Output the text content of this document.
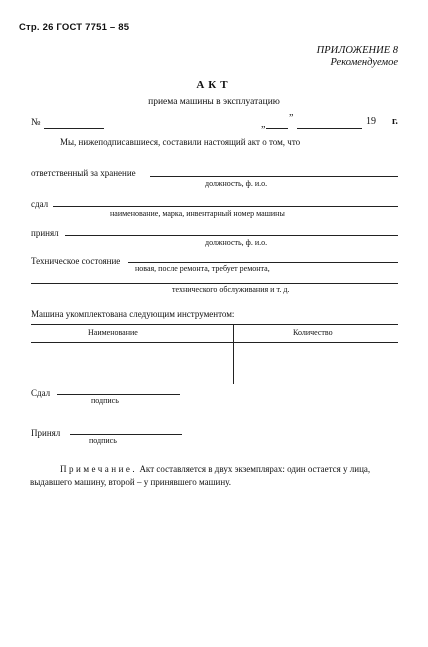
Стр. 26 ГОСТ 7751 – 85
ПРИЛОЖЕНИЕ 8
Рекомендуемое
АКТ
приема машины в эксплуатацию
№	„
”	19 г.
Мы, нижеподписавшиеся, составили настоящий акт о том, что
ответственный за хранение
должность, ф. и.о.
сдал
наименование, марка, инвентарный номер машины
принял
должность, ф. и.о.
Техническое состояние
новая, после ремонта, требует ремонта,
технического обслуживания и т. д.
Машина укомплектована следующим инструментом:
Наименование	Количество
Сдал
подпись
Принял
подпись
Примечание. Акт составляется в двух экземплярах: один остается у лица, выдавшего машину, второй – у принявшего машину.
